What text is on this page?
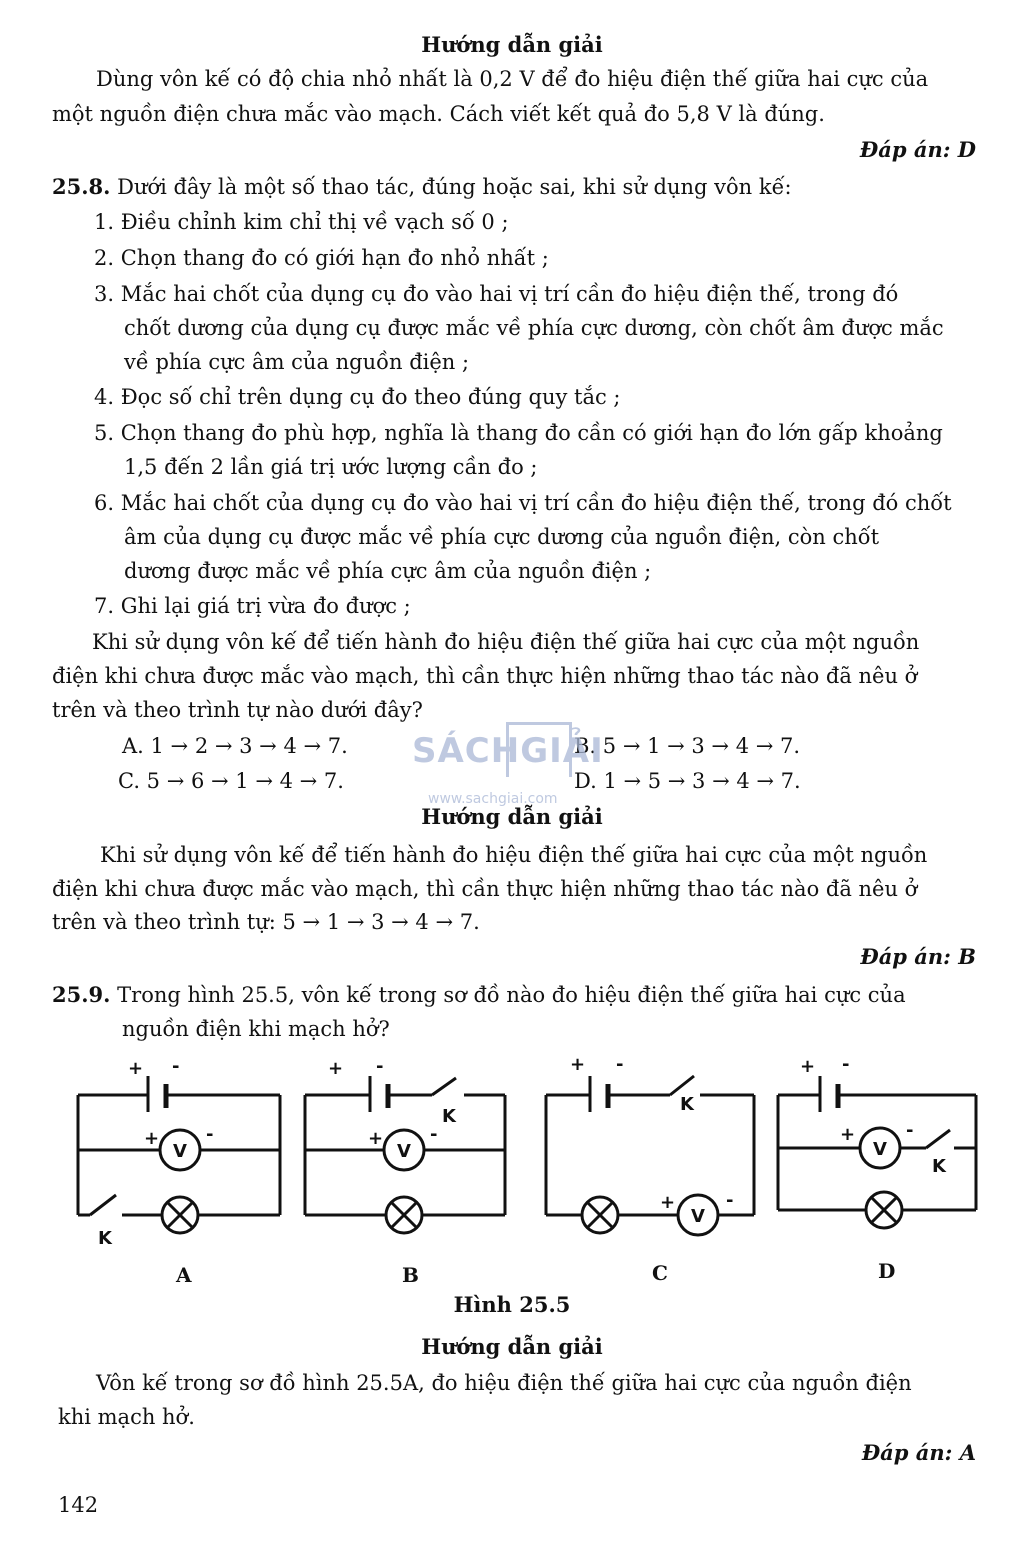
Hướng dẫn giải
Dùng vôn kế có độ chia nhỏ nhất là 0,2 V để đo hiệu điện thế giữa hai cực của
một nguồn điện chưa mắc vào mạch. Cách viết kết quả đo 5,8 V là đúng.
Đáp án: D
25.8. Dưới đây là một số thao tác, đúng hoặc sai, khi sử dụng vôn kế:
1. Điều chỉnh kim chỉ thị về vạch số 0 ;
2. Chọn thang đo có giới hạn đo nhỏ nhất ;
3. Mắc hai chốt của dụng cụ đo vào hai vị trí cần đo hiệu điện thế, trong đó
chốt dương của dụng cụ được mắc về phía cực dương, còn chốt âm được mắc
về phía cực âm của nguồn điện ;
4. Đọc số chỉ trên dụng cụ đo theo đúng quy tắc ;
5. Chọn thang đo phù hợp, nghĩa là thang đo cần có giới hạn đo lớn gấp khoảng
1,5 đến 2 lần giá trị ước lượng cần đo ;
6. Mắc hai chốt của dụng cụ đo vào hai vị trí cần đo hiệu điện thế, trong đó chốt
âm của dụng cụ được mắc về phía cực dương của nguồn điện, còn chốt
dương được mắc về phía cực âm của nguồn điện ;
7. Ghi lại giá trị vừa đo được ;
Khi sử dụng vôn kế để tiến hành đo hiệu điện thế giữa hai cực của một nguồn
điện khi chưa được mắc vào mạch, thì cần thực hiện những thao tác nào đã nêu ở
trên và theo trình tự nào dưới đây?
A. 1 → 2 → 3 → 4 → 7.	B. 5 → 1 → 3 → 4 → 7.
C. 5 → 6 → 1 → 4 → 7.	D. 1 → 5 → 3 → 4 → 7.
SÁCHGIẢI
www.sachgiai.com
Hướng dẫn giải
Khi sử dụng vôn kế để tiến hành đo hiệu điện thế giữa hai cực của một nguồn
điện khi chưa được mắc vào mạch, thì cần thực hiện những thao tác nào đã nêu ở
trên và theo trình tự: 5 → 1 → 3 → 4 → 7.
Đáp án: B
25.9. Trong hình 25.5, vôn kế trong sơ đồ nào đo hiệu điện thế giữa hai cực của
nguồn điện khi mạch hở?
+ -
+	-
V
K
+ -
+	-
V
K
+ -
+	-
V
K
+ -
+	-
V
K
A	B	C	D
Hình 25.5
Hướng dẫn giải
Vôn kế trong sơ đồ hình 25.5A, đo hiệu điện thế giữa hai cực của nguồn điện
khi mạch hở.
Đáp án: A
142
